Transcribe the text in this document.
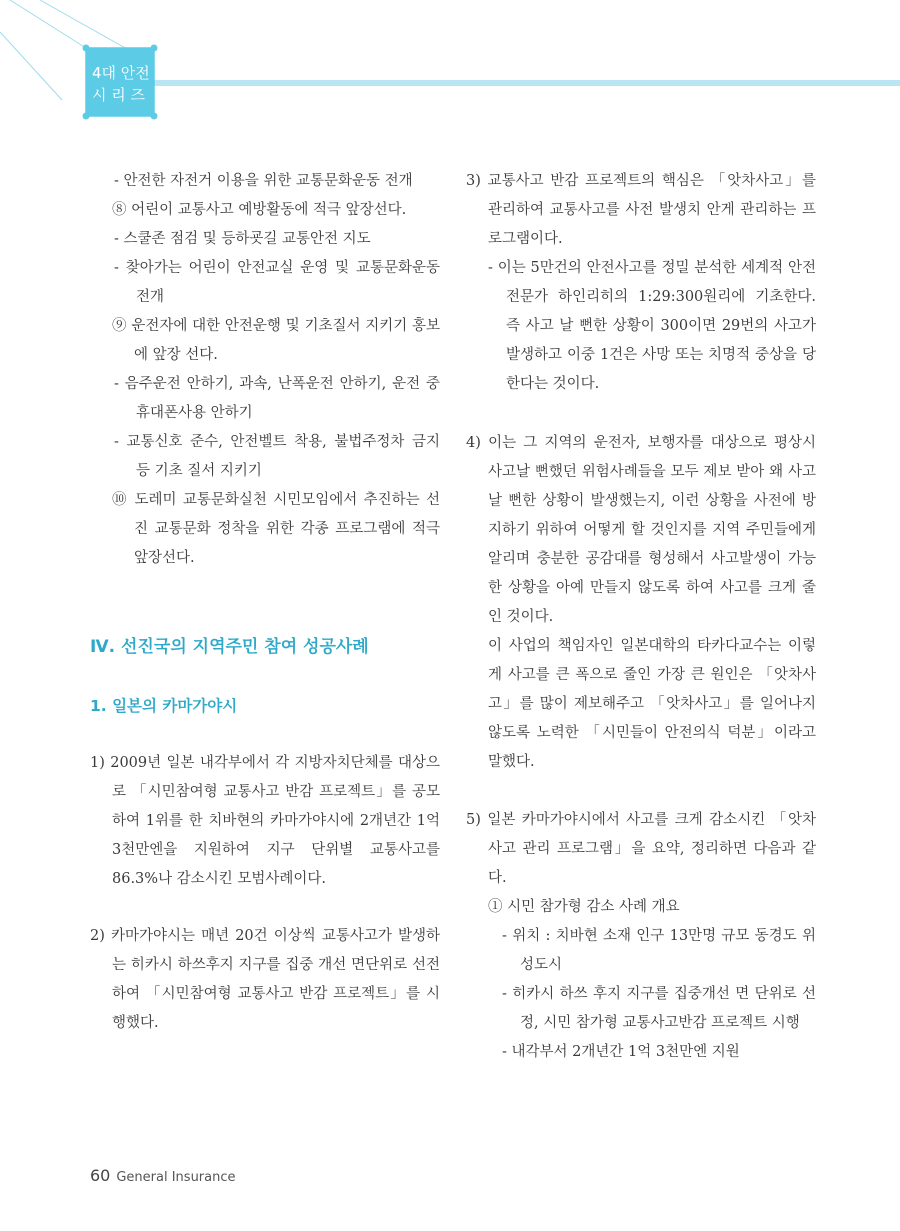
4대 안전
시 리 즈

- 안전한 자전거 이용을 위한 교통문화운동 전개

⑧ 어린이 교통사고 예방활동에 적극 앞장선다.

- 스쿨존 점검 및 등하굣길 교통안전 지도

- 찾아가는 어린이 안전교실 운영 및 교통문화운동 전개

⑨ 운전자에 대한 안전운행 및 기초질서 지키기 홍보에 앞장 선다.

- 음주운전 안하기, 과속, 난폭운전 안하기, 운전 중 휴대폰사용 안하기

- 교통신호 준수, 안전벨트 착용, 불법주정차 금지 등 기초 질서 지키기

⑩ 도레미 교통문화실천 시민모임에서 추진하는 선진 교통문화 정착을 위한 각종 프로그램에 적극 앞장선다.

Ⅳ. 선진국의 지역주민 참여 성공사례

1. 일본의 카마가야시

1) 2009년 일본 내각부에서 각 지방자치단체를 대상으로 「시민참여형 교통사고 반감 프로젝트」를 공모하여 1위를 한 치바현의 카마가야시에 2개년간 1억 3천만엔을 지원하여 지구 단위별 교통사고를 86.3%나 감소시킨 모범사례이다.

2) 카마가야시는 매년 20건 이상씩 교통사고가 발생하는 히카시 하쓰후지 지구를 집중 개선 면단위로 선전하여 「시민참여형 교통사고 반감 프로젝트」를 시행했다.

3) 교통사고 반감 프로젝트의 핵심은 「앗차사고」를 관리하여 교통사고를 사전 발생치 안게 관리하는 프로그램이다.

- 이는 5만건의 안전사고를 정밀 분석한 세계적 안전 전문가 하인리히의 1:29:300원리에 기초한다. 즉 사고 날 뻔한 상황이 300이면 29번의 사고가 발생하고 이중 1건은 사망 또는 치명적 중상을 당한다는 것이다.

4) 이는 그 지역의 운전자, 보행자를 대상으로 평상시 사고날 뻔했던 위험사례들을 모두 제보 받아 왜 사고날 뻔한 상황이 발생했는지, 이런 상황을 사전에 방지하기 위하여 어떻게 할 것인지를 지역 주민들에게 알리며 충분한 공감대를 형성해서 사고발생이 가능한 상황을 아예 만들지 않도록 하여 사고를 크게 줄인 것이다.

이 사업의 책임자인 일본대학의 타카다교수는 이렇게 사고를 큰 폭으로 줄인 가장 큰 원인은 「앗차사고」를 많이 제보해주고 「앗차사고」를 일어나지 않도록 노력한 「시민들이 안전의식 덕분」이라고 말했다.

5) 일본 카마가야시에서 사고를 크게 감소시킨 「앗차사고 관리 프로그램」을 요약, 정리하면 다음과 같다.

① 시민 참가형 감소 사례 개요

- 위치 : 치바현 소재 인구 13만명 규모 동경도 위성도시

- 히카시 하쓰 후지 지구를 집중개선 면 단위로 선정, 시민 참가형 교통사고반감 프로젝트 시행

- 내각부서 2개년간 1억 3천만엔 지원

60 General Insurance
